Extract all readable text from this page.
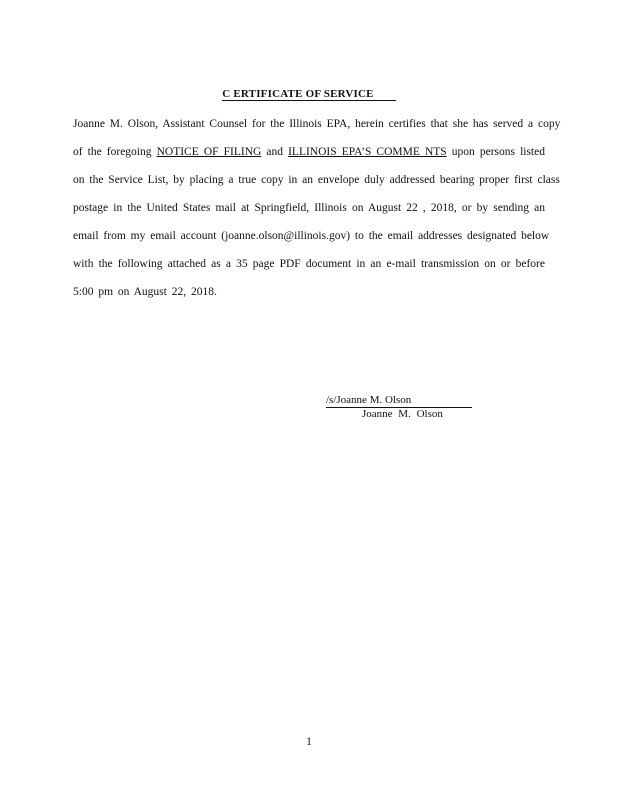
C ERTIFICATE OF SERVICE
Joanne M. Olson, Assistant Counsel for the Illinois EPA, herein certifies that she has served a copy
of the foregoing NOTICE OF FILING and ILLINOIS EPA’S COMME NTS upon persons listed
on the Service List, by placing a true copy in an envelope duly addressed bearing proper first class
postage in the United States mail at Springfield, Illinois on August 22 , 2018, or by sending an
email from my email account (joanne.olson@illinois.gov) to the email addresses designated below
with the following attached as a 35 page PDF document in an e-mail transmission on or before
5:00 pm on August 22, 2018.
/s/Joanne M. Olson
Joanne M. Olson
1
